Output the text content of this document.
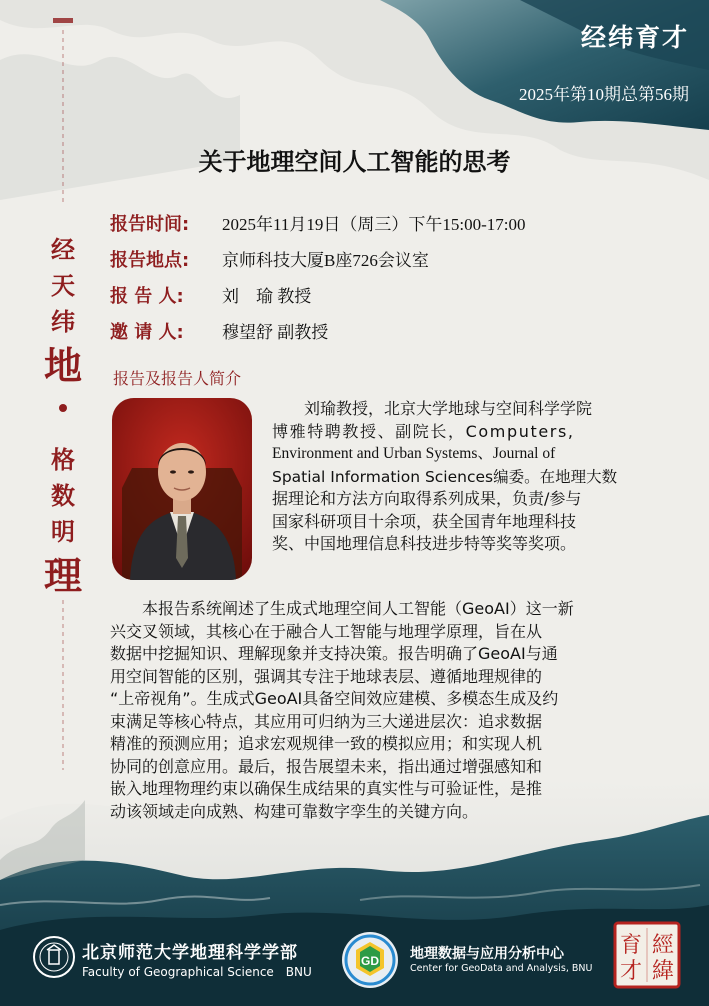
经纬育才
2025年第10期总第56期
关于地理空间人工智能的思考
经
天
纬
地
格
数
明
理
报告时间: 2025年11月19日（周三）下午15:00-17:00
报告地点: 京师科技大厦B座726会议室
报 告 人: 刘　瑜 教授
邀 请 人: 穆望舒 副教授
报告及报告人简介
　　刘瑜教授，北京大学地球与空间科学学院
博雅特聘教授、副院长，Computers,
Environment and Urban Systems、Journal of
Spatial Information Sciences编委。在地理大数
据理论和方法方向取得系列成果，负责/参与
国家科研项目十余项，获全国青年地理科技
奖、中国地理信息科技进步特等奖等奖项。
　　本报告系统阐述了生成式地理空间人工智能（GeoAI）这一新
兴交叉领域，其核心在于融合人工智能与地理学原理，旨在从
数据中挖掘知识、理解现象并支持决策。报告明确了GeoAI与通
用空间智能的区别，强调其专注于地球表层、遵循地理规律的
“上帝视角”。生成式GeoAI具备空间效应建模、多模态生成及约
束满足等核心特点，其应用可归纳为三大递进层次：追求数据
精准的预测应用；追求宏观规律一致的模拟应用；和实现人机
协同的创意应用。最后，报告展望未来，指出通过增强感知和
嵌入地理物理约束以确保生成结果的真实性与可验证性，是推
动该领域走向成熟、构建可靠数字孪生的关键方向。
北京师范大学地理科学学部
Faculty of Geographical Science　BNU
GD 地理数据与应用分析中心
Center for GeoData and Analysis, BNU
經
緯
育
才
